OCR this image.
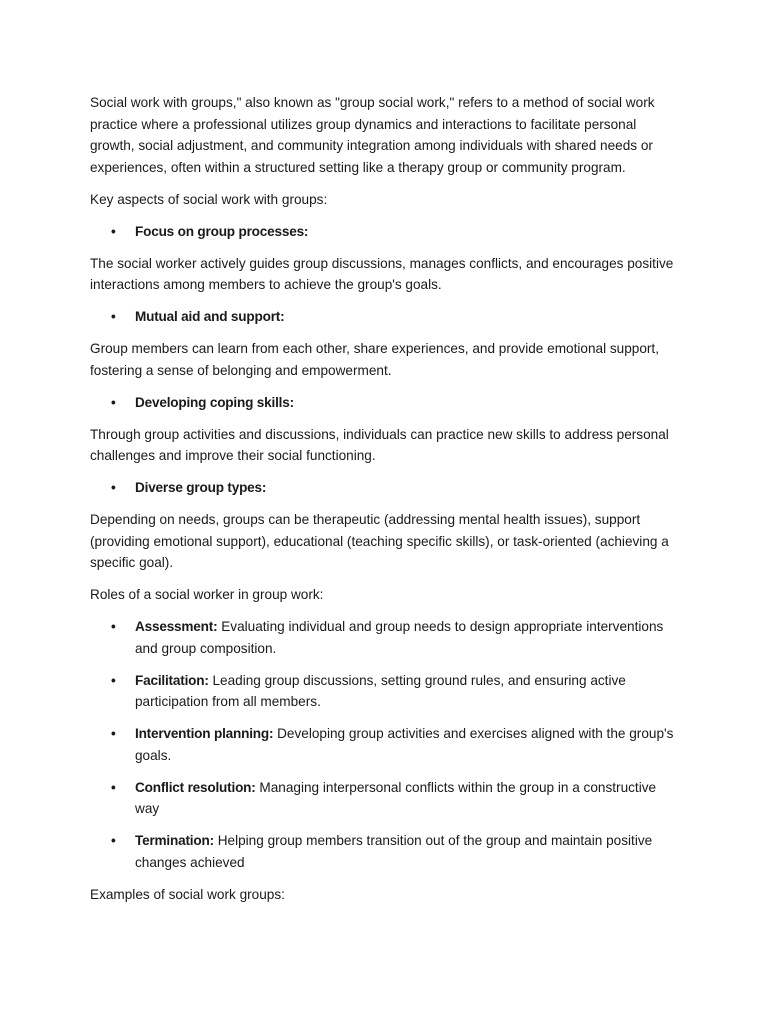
Social work with groups," also known as "group social work," refers to a method of social work practice where a professional utilizes group dynamics and interactions to facilitate personal growth, social adjustment, and community integration among individuals with shared needs or experiences, often within a structured setting like a therapy group or community program.

Key aspects of social work with groups:

• Focus on group processes:

The social worker actively guides group discussions, manages conflicts, and encourages positive interactions among members to achieve the group's goals.

• Mutual aid and support:

Group members can learn from each other, share experiences, and provide emotional support, fostering a sense of belonging and empowerment.

• Developing coping skills:

Through group activities and discussions, individuals can practice new skills to address personal challenges and improve their social functioning.

• Diverse group types:

Depending on needs, groups can be therapeutic (addressing mental health issues), support (providing emotional support), educational (teaching specific skills), or task-oriented (achieving a specific goal).

Roles of a social worker in group work:

• Assessment: Evaluating individual and group needs to design appropriate interventions and group composition.
• Facilitation: Leading group discussions, setting ground rules, and ensuring active participation from all members.
• Intervention planning: Developing group activities and exercises aligned with the group's goals.
• Conflict resolution: Managing interpersonal conflicts within the group in a constructive way
• Termination: Helping group members transition out of the group and maintain positive changes achieved

Examples of social work groups:
